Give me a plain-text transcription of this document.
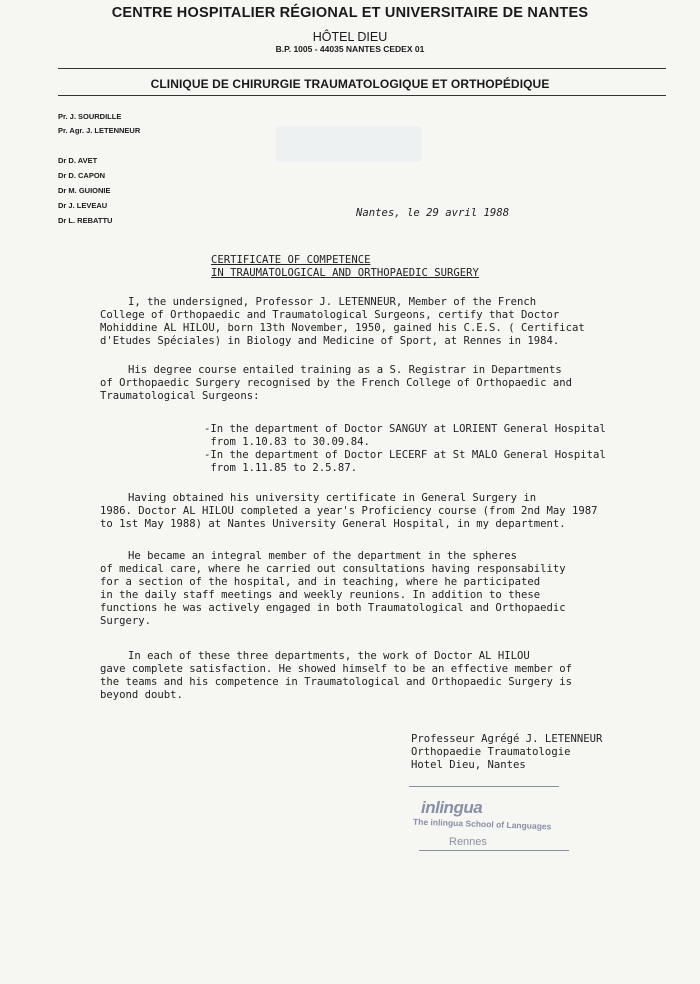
CENTRE HOSPITALIER RÉGIONAL ET UNIVERSITAIRE DE NANTES
HÔTEL DIEU
B.P. 1005 - 44035 NANTES CEDEX 01
CLINIQUE DE CHIRURGIE TRAUMATOLOGIQUE ET ORTHOPÉDIQUE
Pr. J. SOURDILLE
Pr. Agr. J. LETENNEUR
Dr D. AVET
Dr D. CAPON
Dr M. GUIONIE
Dr J. LEVEAU
Dr L. REBATTU
Nantes, le 29 avril 1988
CERTIFICATE OF COMPETENCE
IN TRAUMATOLOGICAL AND ORTHOPAEDIC SURGERY
I, the undersigned, Professor J. LETENNEUR, Member of the French
College of Orthopaedic and Traumatological Surgeons, certify that Doctor
Mohiddine AL HILOU, born 13th November, 1950, gained his C.E.S. ( Certificat
d'Etudes Spéciales) in Biology and Medicine of Sport, at Rennes in 1984.
His degree course entailed training as a S. Registrar in Departments
of Orthopaedic Surgery recognised by the French College of Orthopaedic and
Traumatological Surgeons:
-In the department of Doctor SANGUY at LORIENT General Hospital
from 1.10.83 to 30.09.84.
-In the department of Doctor LECERF at St MALO General Hospital
from 1.11.85 to 2.5.87.
Having obtained his university certificate in General Surgery in
1986. Doctor AL HILOU completed a year's Proficiency course (from 2nd May 1987
to 1st May 1988) at Nantes University General Hospital, in my department.
He became an integral member of the department in the spheres
of medical care, where he carried out consultations having responsability
for a section of the hospital, and in teaching, where he participated
in the daily staff meetings and weekly reunions. In addition to these
functions he was actively engaged in both Traumatological and Orthopaedic
Surgery.
In each of these three departments, the work of Doctor AL HILOU
gave complete satisfaction. He showed himself to be an effective member of
the teams and his competence in Traumatological and Orthopaedic Surgery is
beyond doubt.
Professeur Agrégé J. LETENNEUR
Orthopaedie Traumatologie
Hotel Dieu, Nantes
inlingua
The inlingua School of Languages
Rennes
